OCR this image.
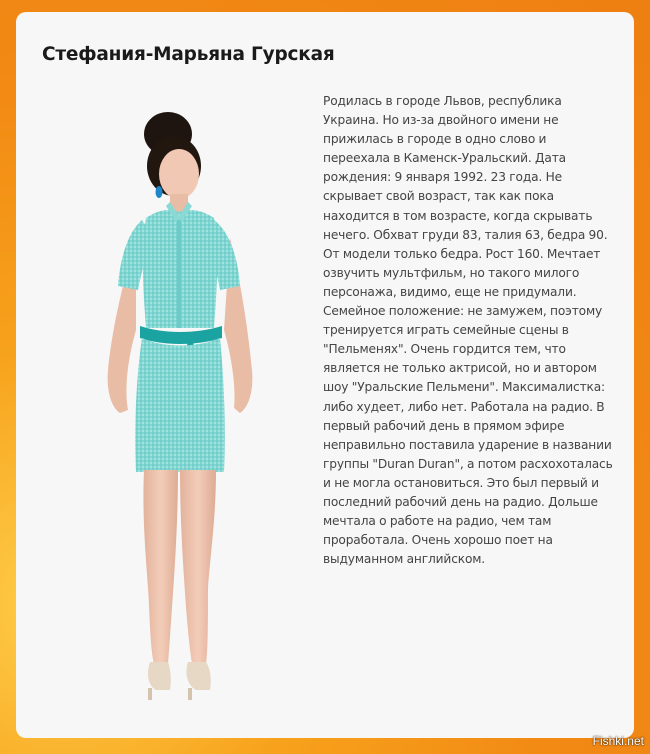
Стефания-Марьяна Гурская

Родилась в городе Львов, республика Украина. Но из-за двойного имени не прижилась в городе в одно слово и переехала в Каменск-Уральский. Дата рождения: 9 января 1992. 23 года. Не скрывает свой возраст, так как пока находится в том возрасте, когда скрывать нечего. Обхват груди 83, талия 63, бедра 90. От модели только бедра. Рост 160. Мечтает озвучить мультфильм, но такого милого персонажа, видимо, еще не придумали. Семейное положение: не замужем, поэтому тренируется играть семейные сцены в "Пельменях". Очень гордится тем, что является не только актрисой, но и автором шоу "Уральские Пельмени". Максималистка: либо худеет, либо нет. Работала на радио. В первый рабочий день в прямом эфире неправильно поставила ударение в названии группы "Duran Duran", а потом расхохоталась и не могла остановиться. Это был первый и последний рабочий день на радио. Дольше мечтала о работе на радио, чем там проработала. Очень хорошо поет на выдуманном английском.

Fishki.net
